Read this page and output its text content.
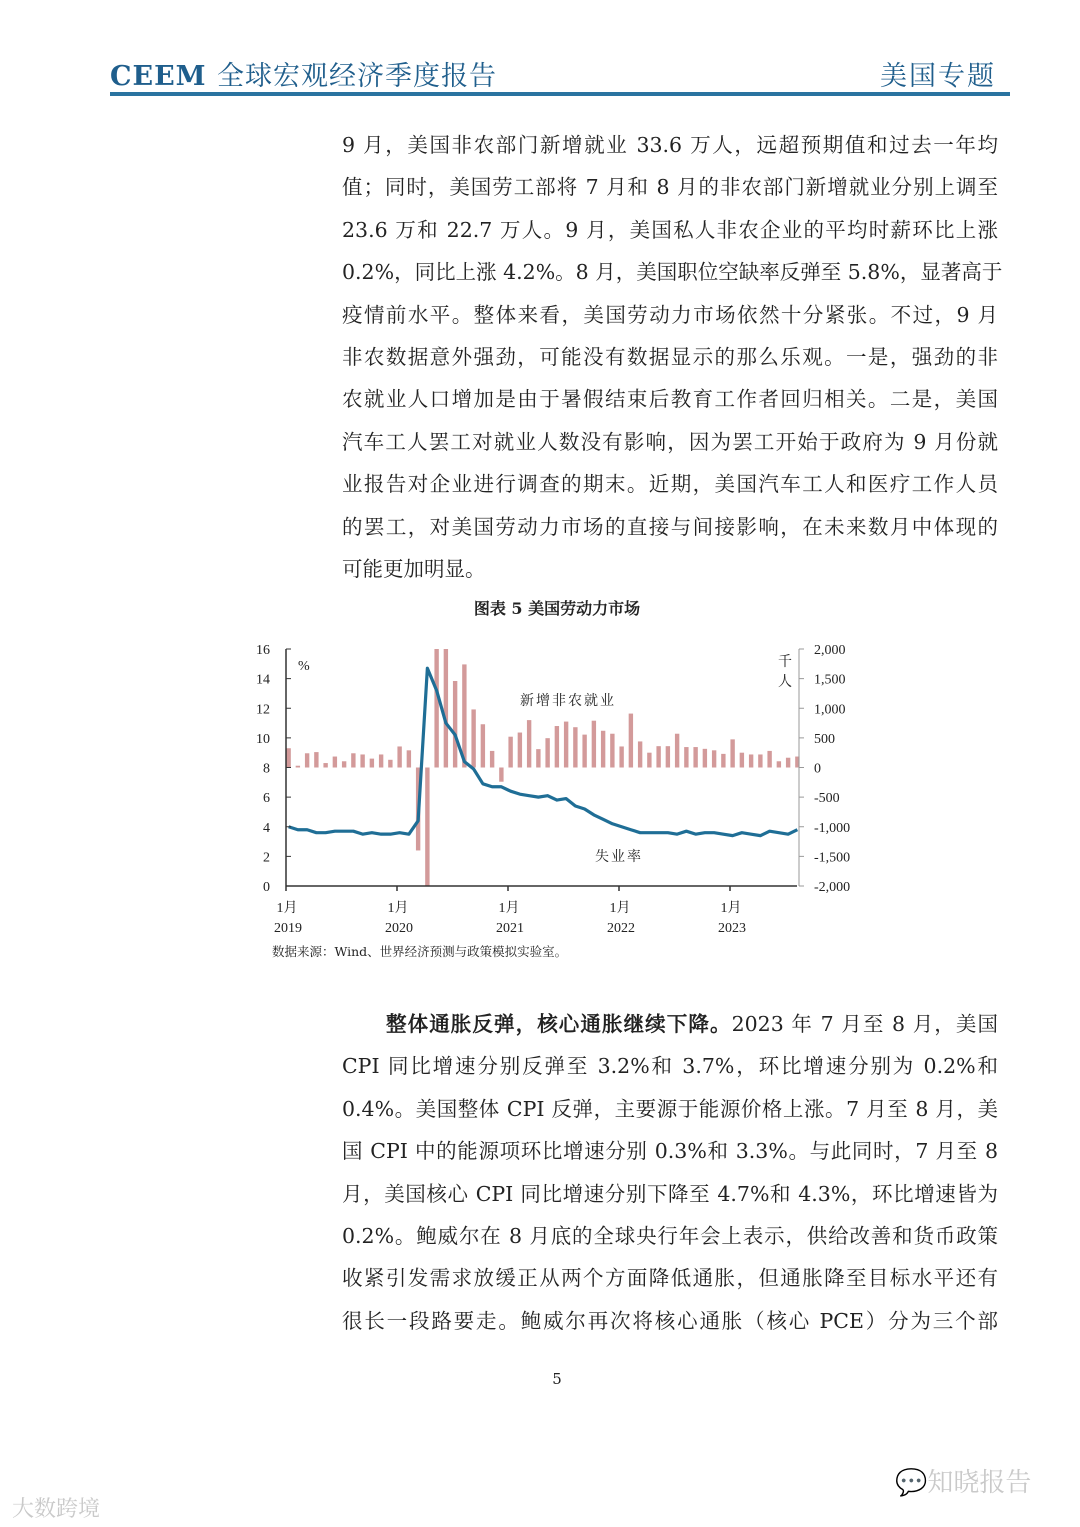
CEEM 全球宏观经济季度报告	美国专题
9 月，美国非农部门新增就业 33.6 万人，远超预期值和过去一年均
值；同时，美国劳工部将 7 月和 8 月的非农部门新增就业分别上调至
23.6 万和 22.7 万人。9 月，美国私人非农企业的平均时薪环比上涨
0.2%，同比上涨 4.2%。8 月，美国职位空缺率反弹至 5.8%，显著高于
疫情前水平。整体来看，美国劳动力市场依然十分紧张。不过，9 月
非农数据意外强劲，可能没有数据显示的那么乐观。一是，强劲的非
农就业人口增加是由于暑假结束后教育工作者回归相关。二是，美国
汽车工人罢工对就业人数没有影响，因为罢工开始于政府为 9 月份就
业报告对企业进行调查的期末。近期，美国汽车工人和医疗工作人员
的罢工，对美国劳动力市场的直接与间接影响，在未来数月中体现的
可能更加明显。
图表 5 美国劳动力市场
0
2
4
6
8
10
12
14
16
-2,000
-1,500
-1,000
-500
0
500
1,000
1,500
2,000
1月
2019
1月
2020
1月
2021
1月
2022
1月
2023
%	千
人
新增非农就业
失业率
数据来源：Wind、世界经济预测与政策模拟实验室。
整体通胀反弹，核心通胀继续下降。2023 年 7 月至 8 月，美国
CPI 同比增速分别反弹至 3.2%和 3.7%，环比增速分别为 0.2%和
0.4%。美国整体 CPI 反弹，主要源于能源价格上涨。7 月至 8 月，美
国 CPI 中的能源项环比增速分别 0.3%和 3.3%。与此同时，7 月至 8
月，美国核心 CPI 同比增速分别下降至 4.7%和 4.3%，环比增速皆为
0.2%。鲍威尔在 8 月底的全球央行年会上表示，供给改善和货币政策
收紧引发需求放缓正从两个方面降低通胀，但通胀降至目标水平还有
很长一段路要走。鲍威尔再次将核心通胀（核心 PCE）分为三个部
5
大数跨境
💬知晓报告
